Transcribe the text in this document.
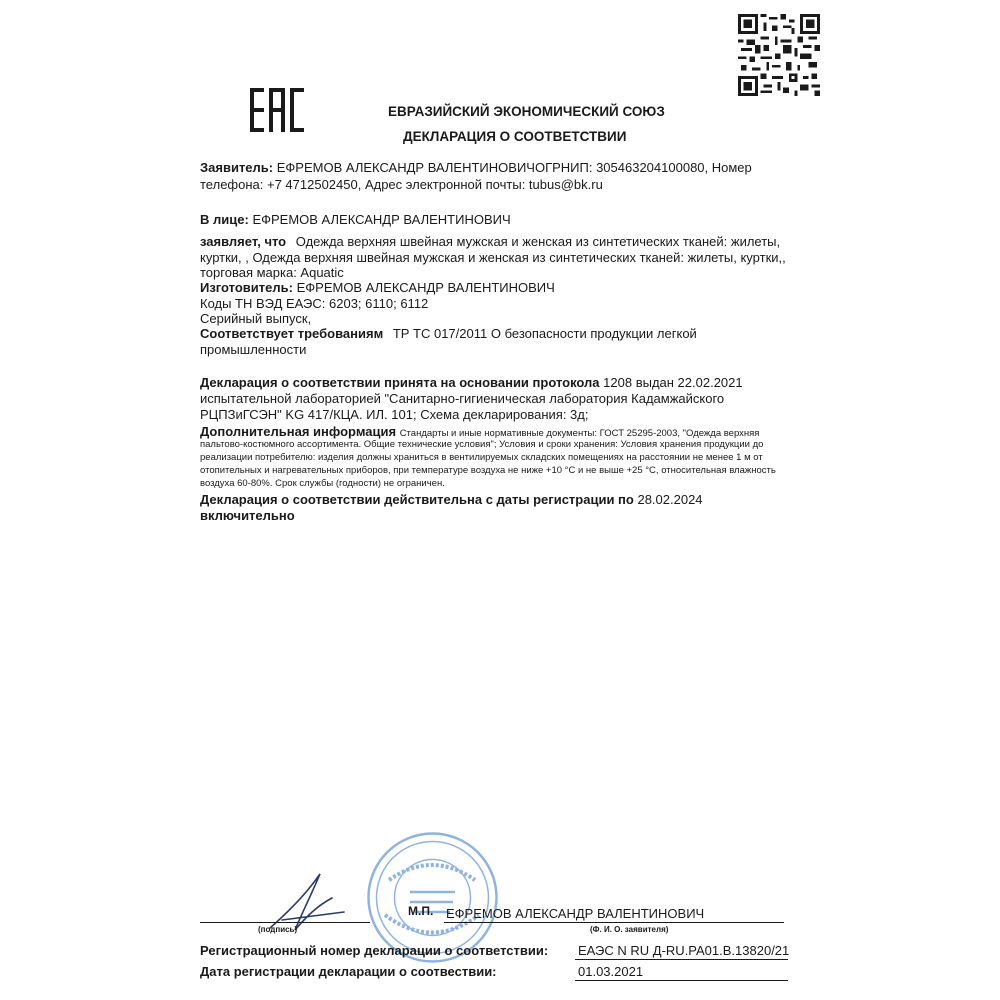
ЕВРАЗИЙСКИЙ ЭКОНОМИЧЕСКИЙ СОЮЗ
ДЕКЛАРАЦИЯ О СООТВЕТСТВИИ
Заявитель: ЕФРЕМОВ АЛЕКСАНДР ВАЛЕНТИНОВИЧОГРНИП: 305463204100080, Номер
телефона: +7 4712502450, Адрес электронной почты: tubus@bk.ru
В лице: ЕФРЕМОВ АЛЕКСАНДР ВАЛЕНТИНОВИЧ
заявляет, что Одежда верхняя швейная мужская и женская из синтетических тканей: жилеты,
куртки, , Одежда верхняя швейная мужская и женская из синтетических тканей: жилеты, куртки,,
торговая марка: Aquatic
Изготовитель: ЕФРЕМОВ АЛЕКСАНДР ВАЛЕНТИНОВИЧ
Коды ТН ВЭД ЕАЭС: 6203; 6110; 6112
Серийный выпуск,
Соответствует требованиям ТР ТС 017/2011 О безопасности продукции легкой
промышленности
Декларация о соответствии принята на основании протокола 1208 выдан 22.02.2021
испытательной лабораторией "Санитарно-гигиеническая лаборатория Кадамжайского
РЦПЗиГСЭН" KG 417/КЦА. ИЛ. 101; Схема декларирования: 3д;
Дополнительная информация Стандарты и иные нормативные документы: ГОСТ 25295-2003, "Одежда верхняя
пальтово-костюмного ассортимента. Общие технические условия"; Условия и сроки хранения: Условия хранения продукции до
реализации потребителю: изделия должны храниться в вентилируемых складских помещениях на расстоянии не менее 1 м от
отопительных и нагревательных приборов, при температуре воздуха не ниже +10 °С и не выше +25 °С, относительная влажность
воздуха 60-80%. Срок службы (годности) не ограничен.
Декларация о соответствии действительна с даты регистрации по 28.02.2024
включительно
М.П. ЕФРЕМОВ АЛЕКСАНДР ВАЛЕНТИНОВИЧ
(подпись)	(Ф. И. О. заявителя)
Регистрационный номер декларации о соответствии: ЕАЭС N RU Д-RU.PA01.B.13820/21
Дата регистрации декларации о соотвествии:	01.03.2021
